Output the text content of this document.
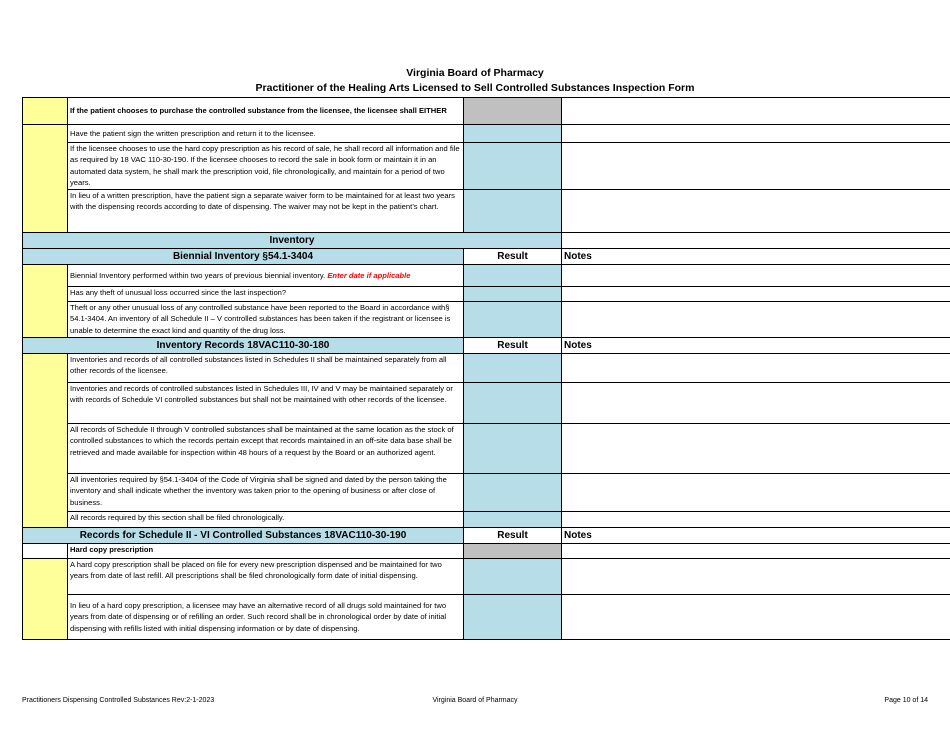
Virginia Board of Pharmacy
Practitioner of the Healing Arts Licensed to Sell Controlled Substances Inspection Form
	If the patient chooses to purchase the controlled substance from the licensee, the licensee shall EITHER		
	Have the patient sign the written prescription and return it to the licensee.		
	If the licensee chooses to use the hard copy prescription as his record of sale, he shall record all information and file as required by 18 VAC 110-30-190. If the licensee chooses to record the sale in book form or maintain it in an automated data system, he shall mark the prescription void, file chronologically, and maintain for a period of two years.		
	In lieu of a written prescription, have the patient sign a separate waiver form to be maintained for at least two years with the dispensing records according to date of dispensing. The waiver may not be kept in the patient’s chart.		
Inventory			
Biennial Inventory §54.1-3404		Result	Notes
	Biennial Inventory performed within two years of previous biennial inventory. Enter date if applicable		
	Has any theft of unusual loss occurred since the last inspection?		
	Theft or any other unusual loss of any controlled substance have been reported to the Board in accordance with§ 54.1-3404. An inventory of all Schedule II – V controlled substances has been taken if the registrant or licensee is unable to determine the exact kind and quantity of the drug loss.		
Inventory Records 18VAC110-30-180		Result	Notes
	Inventories and records of all controlled substances listed in Schedules II shall be maintained separately from all other records of the licensee.		
	Inventories and records of controlled substances listed in Schedules III, IV and V may be maintained separately or with records of Schedule VI controlled substances but shall not be maintained with other records of the licensee.		
	All records of Schedule II through V controlled substances shall be maintained at the same location as the stock of controlled substances to which the records pertain except that records maintained in an off-site data base shall be retrieved and made available for inspection within 48 hours of a request by the Board or an authorized agent.		
	All inventories required by §54.1-3404 of the Code of Virginia shall be signed and dated by the person taking the inventory and shall indicate whether the inventory was taken prior to the opening of business or after close of business.		
	All records required by this section shall be filed chronologically.		
Records for Schedule II - VI Controlled Substances 18VAC110-30-190		Result	Notes
	Hard copy prescription		
	A hard copy prescription shall be placed on file for every new prescription dispensed and be maintained for two years from date of last refill. All prescriptions shall be filed chronologically form date of initial dispensing.		
	In lieu of a hard copy prescription, a licensee may have an alternative record of all drugs sold maintained for two years from date of dispensing or of refilling an order. Such record shall be in chronological order by date of initial dispensing with refills listed with initial dispensing information or by date of dispensing.		
Practitioners Dispensing Controlled Substances Rev:2-1-2023	Virginia Board of Pharmacy	Page 10 of 14
